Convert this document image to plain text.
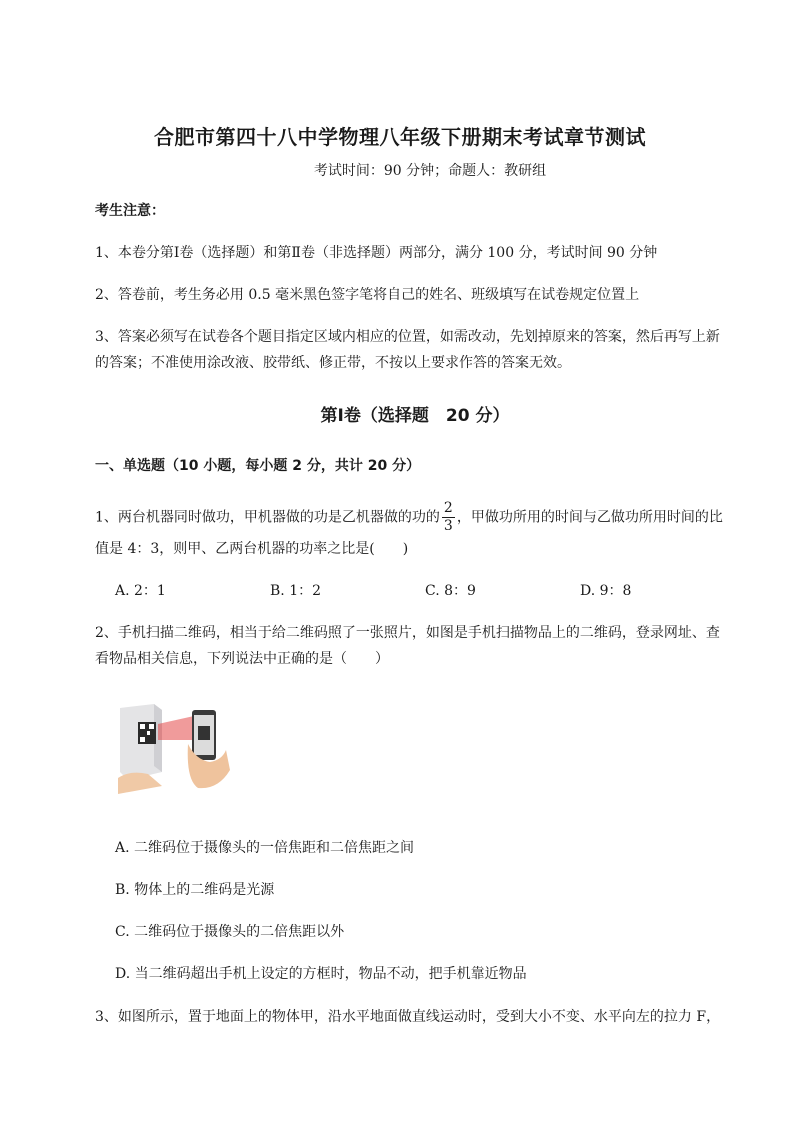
合肥市第四十八中学物理八年级下册期末考试章节测试
考试时间：90 分钟；命题人：教研组
考生注意：
1、本卷分第Ⅰ卷（选择题）和第Ⅱ卷（非选择题）两部分，满分 100 分，考试时间 90 分钟
2、答卷前，考生务必用 0.5 毫米黑色签字笔将自己的姓名、班级填写在试卷规定位置上
3、答案必须写在试卷各个题目指定区域内相应的位置，如需改动，先划掉原来的答案，然后再写上新
的答案；不准使用涂改液、胶带纸、修正带，不按以上要求作答的答案无效。
第Ⅰ卷（选择题　20 分）
一、单选题（10 小题，每小题 2 分，共计 20 分）
1、两台机器同时做功，甲机器做的功是乙机器做的功的 $\frac{2}{3}$ ，甲做功所用的时间与乙做功所用时间的比
值是 4：3，则甲、乙两台机器的功率之比是(　　)
A. 2：1	B. 1：2	C. 8：9	D. 9：8
2、手机扫描二维码，相当于给二维码照了一张照片，如图是手机扫描物品上的二维码，登录网址、查
看物品相关信息，下列说法中正确的是（　　）
A. 二维码位于摄像头的一倍焦距和二倍焦距之间
B. 物体上的二维码是光源
C. 二维码位于摄像头的二倍焦距以外
D. 当二维码超出手机上设定的方框时，物品不动，把手机靠近物品
3、如图所示，置于地面上的物体甲，沿水平地面做直线运动时，受到大小不变、水平向左的拉力 F，
